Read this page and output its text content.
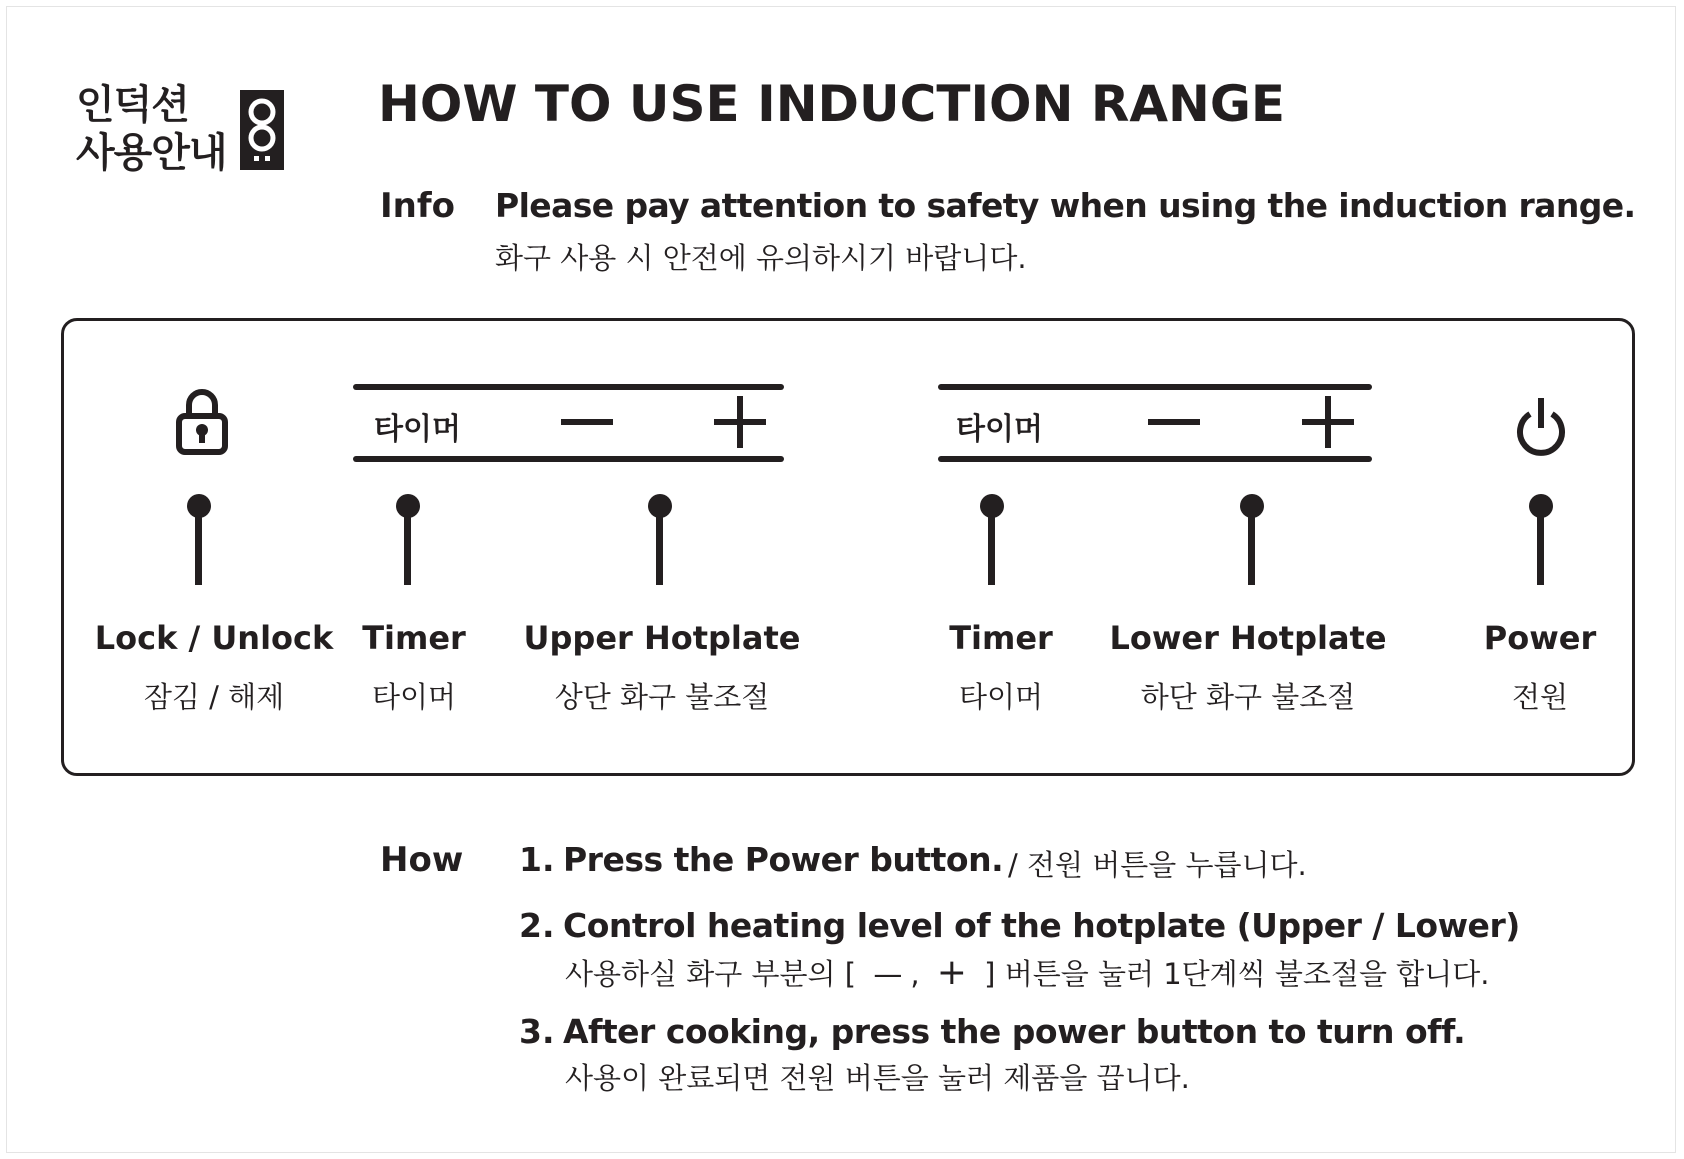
인덕션
사용안내
HOW TO USE INDUCTION RANGE
Info Please pay attention to safety when using the induction range.
화구 사용 시 안전에 유의하시기 바랍니다.
타이머	타이머
Lock / Unlock
잠김 / 해제
Timer
타이머
Upper Hotplate
상단 화구 불조절
Timer
타이머
Lower Hotplate
하단 화구 불조절
Power
전원
How 1. Press the Power button. / 전원 버튼을 누릅니다.
2. Control heating level of the hotplate (Upper / Lower)
사용하실 화구 부분의 [ — , + ] 버튼을 눌러 1단계씩 불조절을 합니다.
3. After cooking, press the power button to turn off.
사용이 완료되면 전원 버튼을 눌러 제품을 끕니다.
